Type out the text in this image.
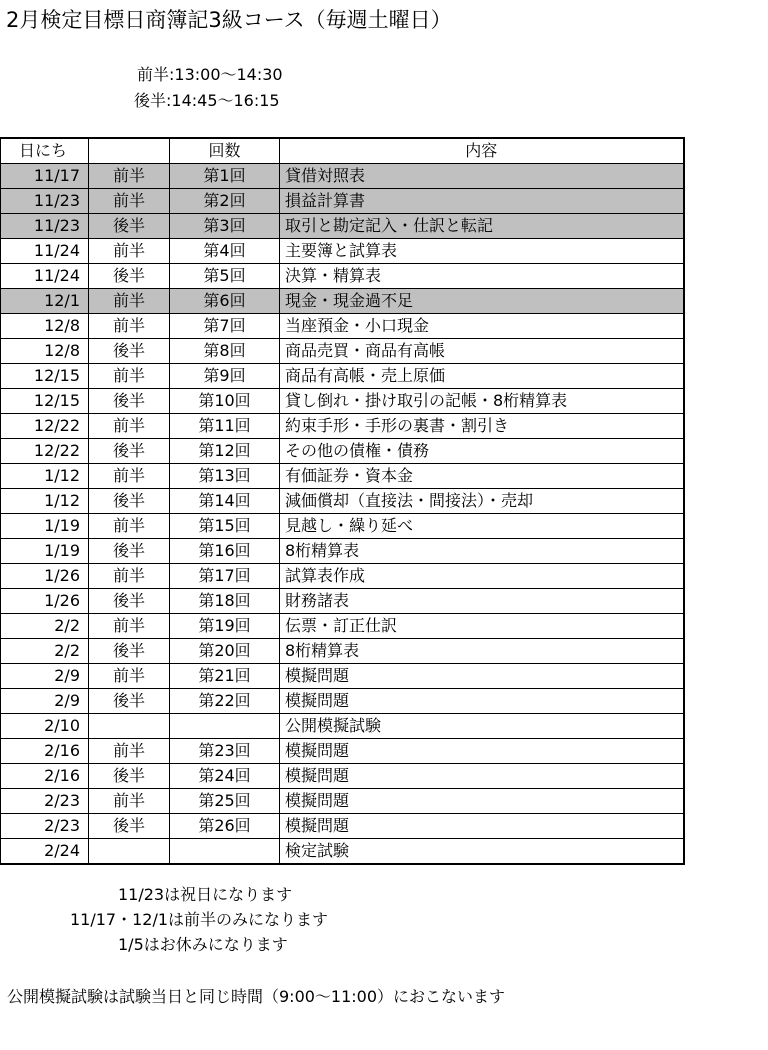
2月検定目標日商簿記3級コース（毎週土曜日）
前半:13:00～14:30
後半:14:45～16:15
日にち		回数	内容
11/17	前半	第1回	貸借対照表
11/23	前半	第2回	損益計算書
11/23	後半	第3回	取引と勘定記入・仕訳と転記
11/24	前半	第4回	主要簿と試算表
11/24	後半	第5回	決算・精算表
12/1	前半	第6回	現金・現金過不足
12/8	前半	第7回	当座預金・小口現金
12/8	後半	第8回	商品売買・商品有高帳
12/15	前半	第9回	商品有高帳・売上原価
12/15	後半	第10回	貸し倒れ・掛け取引の記帳・8桁精算表
12/22	前半	第11回	約束手形・手形の裏書・割引き
12/22	後半	第12回	その他の債権・債務
1/12	前半	第13回	有価証券・資本金
1/12	後半	第14回	減価償却（直接法・間接法）・売却
1/19	前半	第15回	見越し・繰り延べ
1/19	後半	第16回	8桁精算表
1/26	前半	第17回	試算表作成
1/26	後半	第18回	財務諸表
2/2	前半	第19回	伝票・訂正仕訳
2/2	後半	第20回	8桁精算表
2/9	前半	第21回	模擬問題
2/9	後半	第22回	模擬問題
2/10			公開模擬試験
2/16	前半	第23回	模擬問題
2/16	後半	第24回	模擬問題
2/23	前半	第25回	模擬問題
2/23	後半	第26回	模擬問題
2/24			検定試験
11/23は祝日になります
11/17・12/1は前半のみになります
1/5はお休みになります
公開模擬試験は試験当日と同じ時間（9:00～11:00）におこないます
